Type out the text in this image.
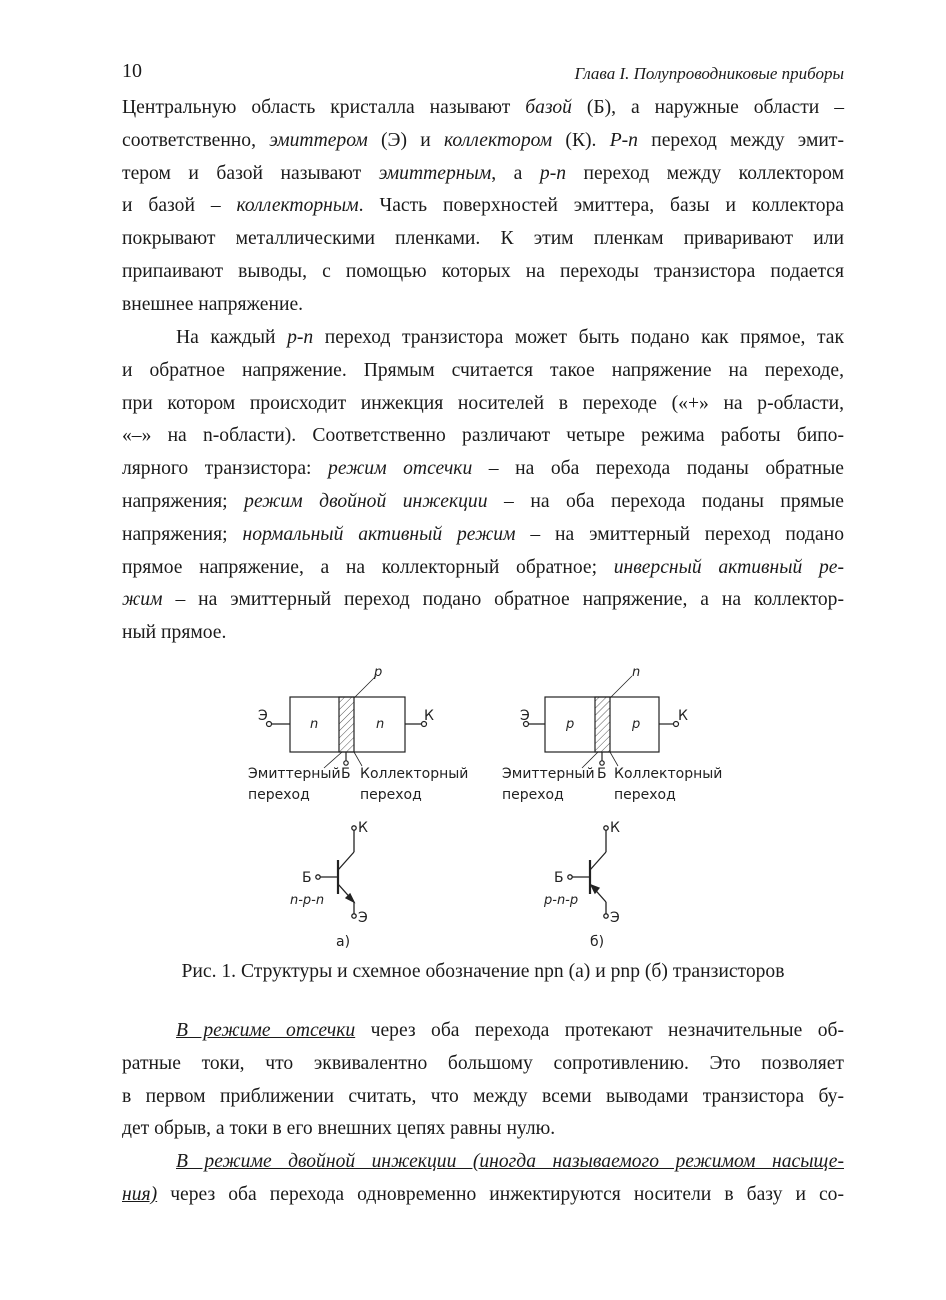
10	Глава I. Полупроводниковые приборы
Центральную область кристалла называют базой (Б), а наружные области –
соответственно, эмиттером (Э) и коллектором (К). P-n переход между эмит-
тером и базой называют эмиттерным, а p-n переход между коллектором
и базой – коллекторным. Часть поверхностей эмиттера, базы и коллектора
покрывают металлическими пленками. К этим пленкам приваривают или
припаивают выводы, с помощью которых на переходы транзистора подается
внешнее напряжение.
На каждый p-n переход транзистора может быть подано как прямое, так
и обратное напряжение. Прямым считается такое напряжение на переходе,
при котором происходит инжекция носителей в переходе («+» на p-области,
«–» на n-области). Соответственно различают четыре режима работы бипо-
лярного транзистора: режим отсечки – на оба перехода поданы обратные
напряжения; режим двойной инжекции – на оба перехода поданы прямые
напряжения; нормальный активный режим – на эмиттерный переход подано
прямое напряжение, а на коллекторный обратное; инверсный активный ре-
жим – на эмиттерный переход подано обратное напряжение, а на коллектор-
ный прямое.
p
n	n
Э	К
Б
Эмиттерный
переход
Коллекторный
переход
Б
К
Э
n-p-n
а)
n
p	p
Э	К
Б
Эмиттерный
переход
Коллекторный
переход
Б
К
Э
p-n-p
б)
Рис. 1. Структуры и схемное обозначение npn (а) и pnp (б) транзисторов
В режиме отсечки через оба перехода протекают незначительные об-
ратные токи, что эквивалентно большому сопротивлению. Это позволяет
в первом приближении считать, что между всеми выводами транзистора бу-
дет обрыв, а токи в его внешних цепях равны нулю.
В режиме двойной инжекции (иногда называемого режимом насыще-
ния) через оба перехода одновременно инжектируются носители в базу и со-
